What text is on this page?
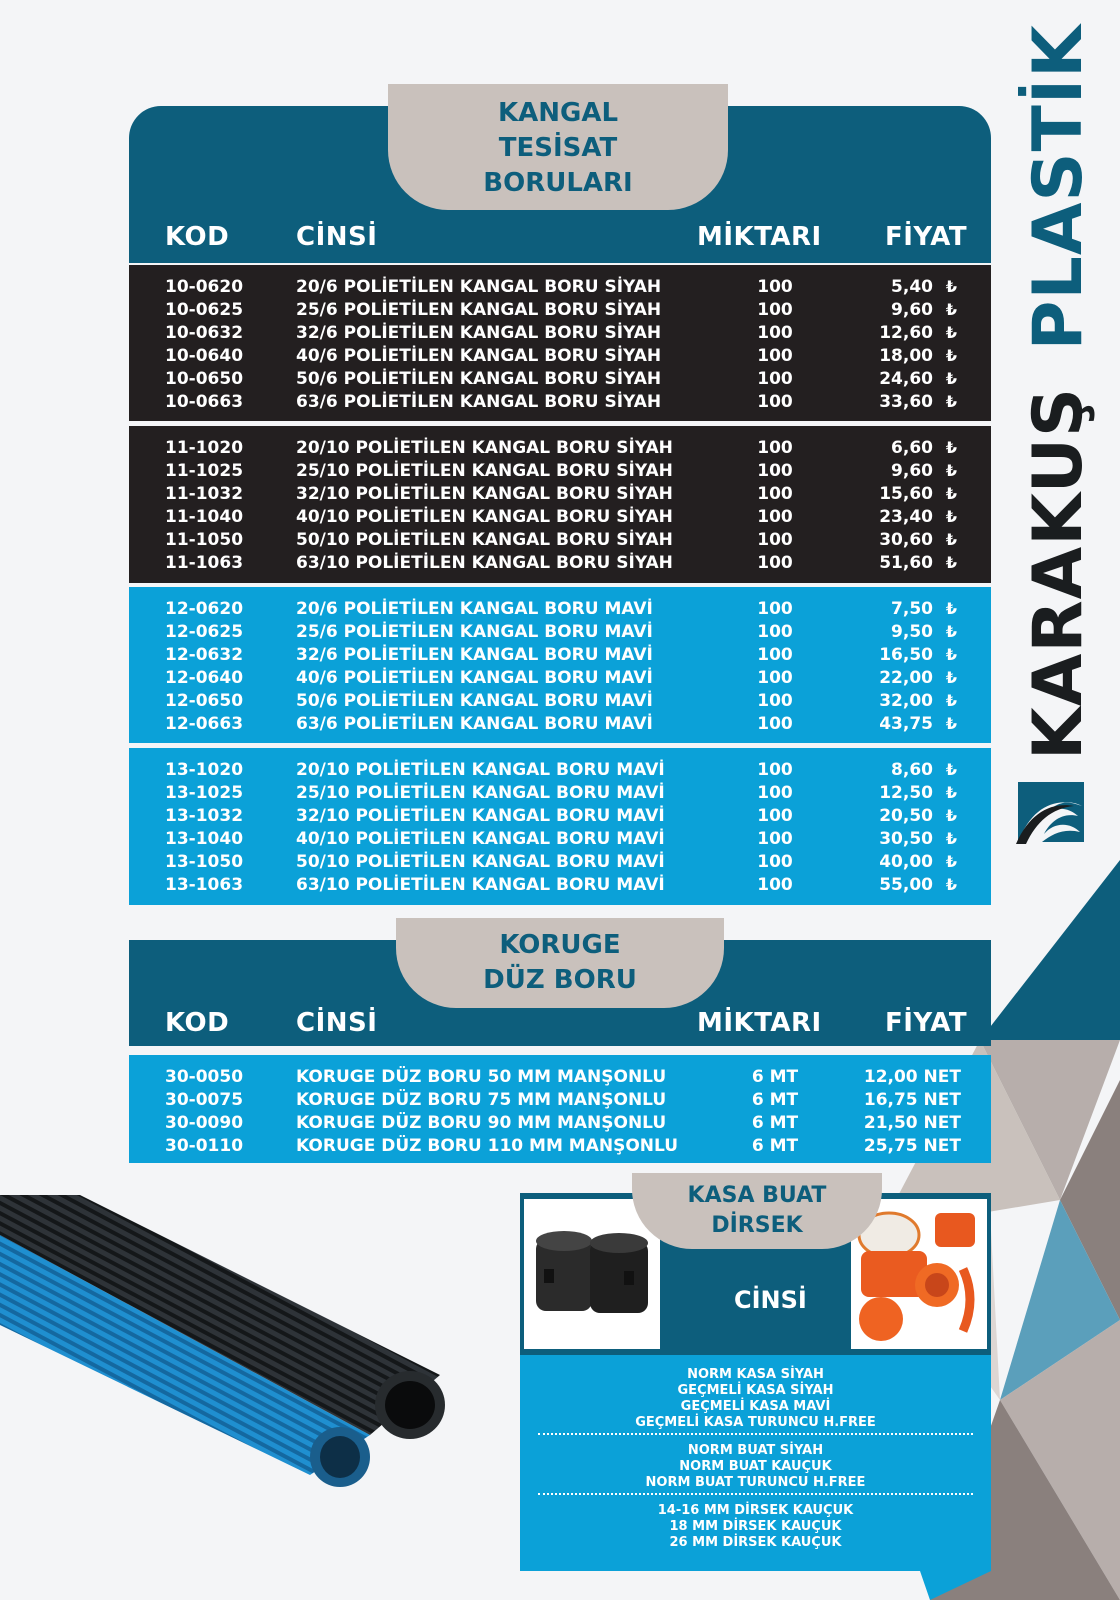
KANGAL
TESİSAT
BORULARI
KOD	CİNSİ	MİKTARI FİYAT
10-0620	20/6 POLİETİLEN KANGAL BORU SİYAH	100	5,40 ₺
10-0625	25/6 POLİETİLEN KANGAL BORU SİYAH	100	9,60 ₺
10-0632	32/6 POLİETİLEN KANGAL BORU SİYAH	100	12,60 ₺
10-0640	40/6 POLİETİLEN KANGAL BORU SİYAH	100	18,00 ₺
10-0650	50/6 POLİETİLEN KANGAL BORU SİYAH	100	24,60 ₺
10-0663	63/6 POLİETİLEN KANGAL BORU SİYAH	100	33,60 ₺
11-1020	20/10 POLİETİLEN KANGAL BORU SİYAH	100	6,60 ₺
11-1025	25/10 POLİETİLEN KANGAL BORU SİYAH	100	9,60 ₺
11-1032	32/10 POLİETİLEN KANGAL BORU SİYAH	100	15,60 ₺
11-1040	40/10 POLİETİLEN KANGAL BORU SİYAH	100	23,40 ₺
11-1050	50/10 POLİETİLEN KANGAL BORU SİYAH	100	30,60 ₺
11-1063	63/10 POLİETİLEN KANGAL BORU SİYAH	100	51,60 ₺
12-0620	20/6 POLİETİLEN KANGAL BORU MAVİ	100	7,50 ₺
12-0625	25/6 POLİETİLEN KANGAL BORU MAVİ	100	9,50 ₺
12-0632	32/6 POLİETİLEN KANGAL BORU MAVİ	100	16,50 ₺
12-0640	40/6 POLİETİLEN KANGAL BORU MAVİ	100	22,00 ₺
12-0650	50/6 POLİETİLEN KANGAL BORU MAVİ	100	32,00 ₺
12-0663	63/6 POLİETİLEN KANGAL BORU MAVİ	100	43,75 ₺
13-1020	20/10 POLİETİLEN KANGAL BORU MAVİ	100	8,60 ₺
13-1025	25/10 POLİETİLEN KANGAL BORU MAVİ	100	12,50 ₺
13-1032	32/10 POLİETİLEN KANGAL BORU MAVİ	100	20,50 ₺
13-1040	40/10 POLİETİLEN KANGAL BORU MAVİ	100	30,50 ₺
13-1050	50/10 POLİETİLEN KANGAL BORU MAVİ	100	40,00 ₺
13-1063	63/10 POLİETİLEN KANGAL BORU MAVİ	100	55,00 ₺
KORUGE
DÜZ BORU
KOD	CİNSİ	MİKTARI FİYAT
30-0050	KORUGE DÜZ BORU 50 MM MANŞONLU	6 MT	12,00 NET
30-0075	KORUGE DÜZ BORU 75 MM MANŞONLU	6 MT	16,75 NET
30-0090	KORUGE DÜZ BORU 90 MM MANŞONLU	6 MT	21,50 NET
30-0110	KORUGE DÜZ BORU 110 MM MANŞONLU	6 MT	25,75 NET
NORM KASA SİYAH
GEÇMELİ KASA SİYAH
GEÇMELİ KASA MAVİ
GEÇMELİ KASA TURUNCU H.FREE
NORM BUAT SİYAH
NORM BUAT KAUÇUK
NORM BUAT TURUNCU H.FREE
14-16 MM DİRSEK KAUÇUK
18 MM DİRSEK KAUÇUK
26 MM DİRSEK KAUÇUK
KASA BUAT
DİRSEK
CİNSİ
KARAKUŞ PLASTİK
